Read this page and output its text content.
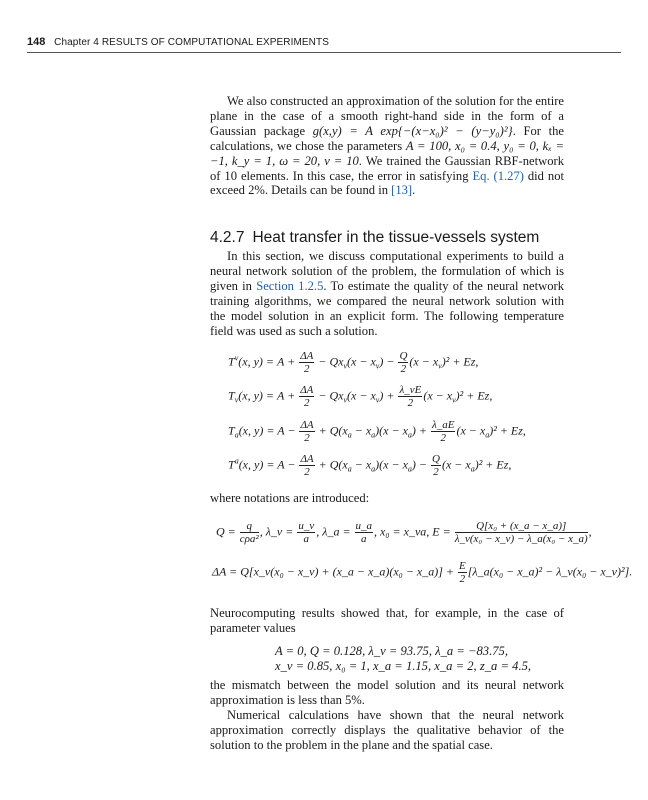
148 Chapter 4 RESULTS OF COMPUTATIONAL EXPERIMENTS

We also constructed an approximation of the solution for the entire plane in the case of a smooth right-hand side in the form of a Gaussian package g(x,y) = A exp{−(x−x₀)² − (y−y₀)²}. For the calculations, we chose the parameters A = 100, x₀ = 0.4, y₀ = 0, kₓ = −1, k_y = 1, ω = 20, ν = 10. We trained the Gaussian RBF-network of 10 elements. In this case, the error in satisfying Eq. (1.27) did not exceed 2%. Details can be found in [13].

4.2.7 Heat transfer in the tissue-vessels system

In this section, we discuss computational experiments to build a neural network solution of the problem, the formulation of which is given in Section 1.2.5. To estimate the quality of the neural network training algorithms, we compared the neural network solution with the model solution in an explicit form. The following temperature field was used as such a solution.

$T^\nu(x$, $y) = A + \frac{\Delta A}{2} - Qx_\nu(x - x_\nu) - \frac{Q}{2} (x - x_\nu)^2 + Ez$,
$T_\nu(x$, $y) = A + \frac{\Delta A}{2} - Qx_\nu(x - x_\nu) + \frac{\lambda\_\nu E}{2} (x - x_\nu)^2 + Ez$,
$T_a(x$, $y) = A - \frac{\Delta A}{2} + Q(x_a - x_a)(x - x_a) + \frac{\lambda\_aE}{2} (x - x_a)^2 + Ez$,
$T^a(x$, $y) = A - \frac{\Delta A}{2} + Q(x_a - x_a)(x - x_a) - \frac{Q}{2} (x - x_a)^2 + Ez$,

where notations are introduced:

$Q = \frac{q}{\text{cρa²}}$ , λ_ν = $\frac{u\_\nu}{a}$ , λ_a = $\frac{u\_a}{a}$ , x₀ = x_νa, $E = \frac{\text{Q[x₀ + (x\_a − x\_a)]}}{\text{λ\_ν(x₀ − x\_ν) − λ\_a(x₀ − x\_a)}}$ ,
ΔA = Q[x_ν(x₀ − x_ν) + (x_a − x_a)(x₀ − x_a)] + $\frac{E}{2}$ [λ_a(x₀ − x_a)² − λ_ν(x₀ − x_ν)²].

Neurocomputing results showed that, for example, in the case of parameter values

A = 0, Q = 0.128, λ_ν = 93.75, λ_a = −83.75,
x_ν = 0.85, x₀ = 1, x_a = 1.15, x_a = 2, z_a = 4.5,

the mismatch between the model solution and its neural network approximation is less than 5%.

Numerical calculations have shown that the neural network approximation correctly displays the qualitative behavior of the solution to the problem in the plane and the spatial case.
